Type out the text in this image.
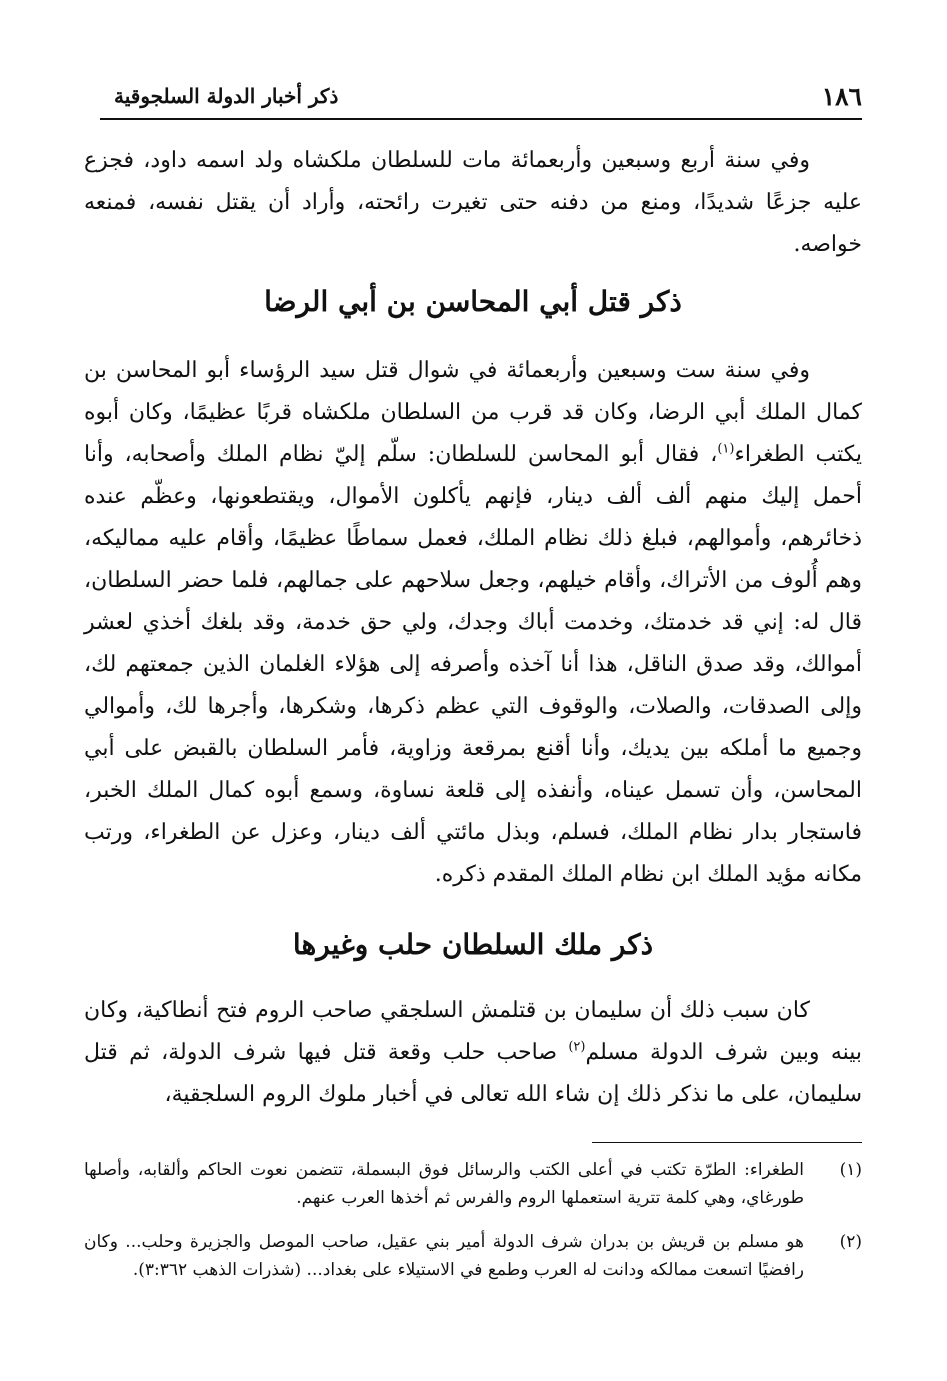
١٨٦
ذكر أخبار الدولة السلجوقية

وفي سنة أربع وسبعين وأربعمائة مات للسلطان ملكشاه ولد اسمه داود، فجزع عليه جزعًا شديدًا، ومنع من دفنه حتى تغيرت رائحته، وأراد أن يقتل نفسه، فمنعه خواصه.

ذكر قتل أبي المحاسن بن أبي الرضا

وفي سنة ست وسبعين وأربعمائة في شوال قتل سيد الرؤساء أبو المحاسن بن كمال الملك أبي الرضا، وكان قد قرب من السلطان ملكشاه قربًا عظيمًا، وكان أبوه يكتب الطغراء$^{(١)}$، فقال أبو المحاسن للسلطان: سلّم إليّ نظام الملك وأصحابه، وأنا أحمل إليك منهم ألف ألف دينار، فإنهم يأكلون الأموال، ويقتطعونها، وعظّم عنده ذخائرهم، وأموالهم، فبلغ ذلك نظام الملك، فعمل سماطًا عظيمًا، وأقام عليه مماليكه، وهم أُلوف من الأتراك، وأقام خيلهم، وجعل سلاحهم على جمالهم، فلما حضر السلطان، قال له: إني قد خدمتك، وخدمت أباك وجدك، ولي حق خدمة، وقد بلغك أخذي لعشر أموالك، وقد صدق الناقل، هذا أنا آخذه وأصرفه إلى هؤلاء الغلمان الذين جمعتهم لك، وإلى الصدقات، والصلات، والوقوف التي عظم ذكرها، وشكرها، وأجرها لك، وأموالي وجميع ما أملكه بين يديك، وأنا أقنع بمرقعة وزاوية، فأمر السلطان بالقبض على أبي المحاسن، وأن تسمل عيناه، وأنفذه إلى قلعة نساوة، وسمع أبوه كمال الملك الخبر، فاستجار بدار نظام الملك، فسلم، وبذل مائتي ألف دينار، وعزل عن الطغراء، ورتب مكانه مؤيد الملك ابن نظام الملك المقدم ذكره.

ذكر ملك السلطان حلب وغيرها

كان سبب ذلك أن سليمان بن قتلمش السلجقي صاحب الروم فتح أنطاكية، وكان بينه وبين شرف الدولة مسلم$^{(٢)}$ صاحب حلب وقعة قتل فيها شرف الدولة، ثم قتل سليمان، على ما نذكر ذلك إن شاء الله تعالى في أخبار ملوك الروم السلجقية،

(١)
الطغراء: الطرّة تكتب في أعلى الكتب والرسائل فوق البسملة، تتضمن نعوت الحاكم وألقابه، وأصلها طورغاي، وهي كلمة تترية استعملها الروم والفرس ثم أخذها العرب عنهم.
(٢)
هو مسلم بن قريش بن بدران شرف الدولة أمير بني عقيل، صاحب الموصل والجزيرة وحلب... وكان رافضيًا اتسعت ممالكه ودانت له العرب وطمع في الاستيلاء على بغداد... (شذرات الذهب ٣:٣٦٢).
